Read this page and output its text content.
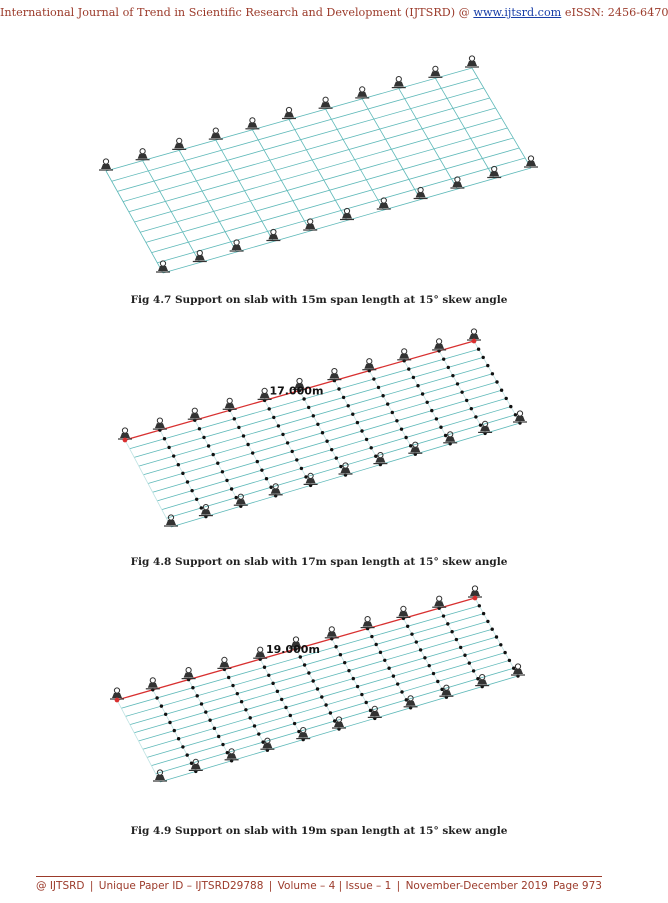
International Journal of Trend in Scientific Research and Development (IJTSRD) @ www.ijtsrd.com eISSN: 2456-6470
Fig 4.7 Support on slab with 15m span length at 15° skew angle
17.000m
Fig 4.8 Support on slab with 17m span length at 15° skew angle
19.000m
Fig 4.9 Support on slab with 19m span length at 15° skew angle
@ IJTSRD | Unique Paper ID – IJTSRD29788 | Volume – 4 | Issue – 1 | November-December 2019 Page 973
